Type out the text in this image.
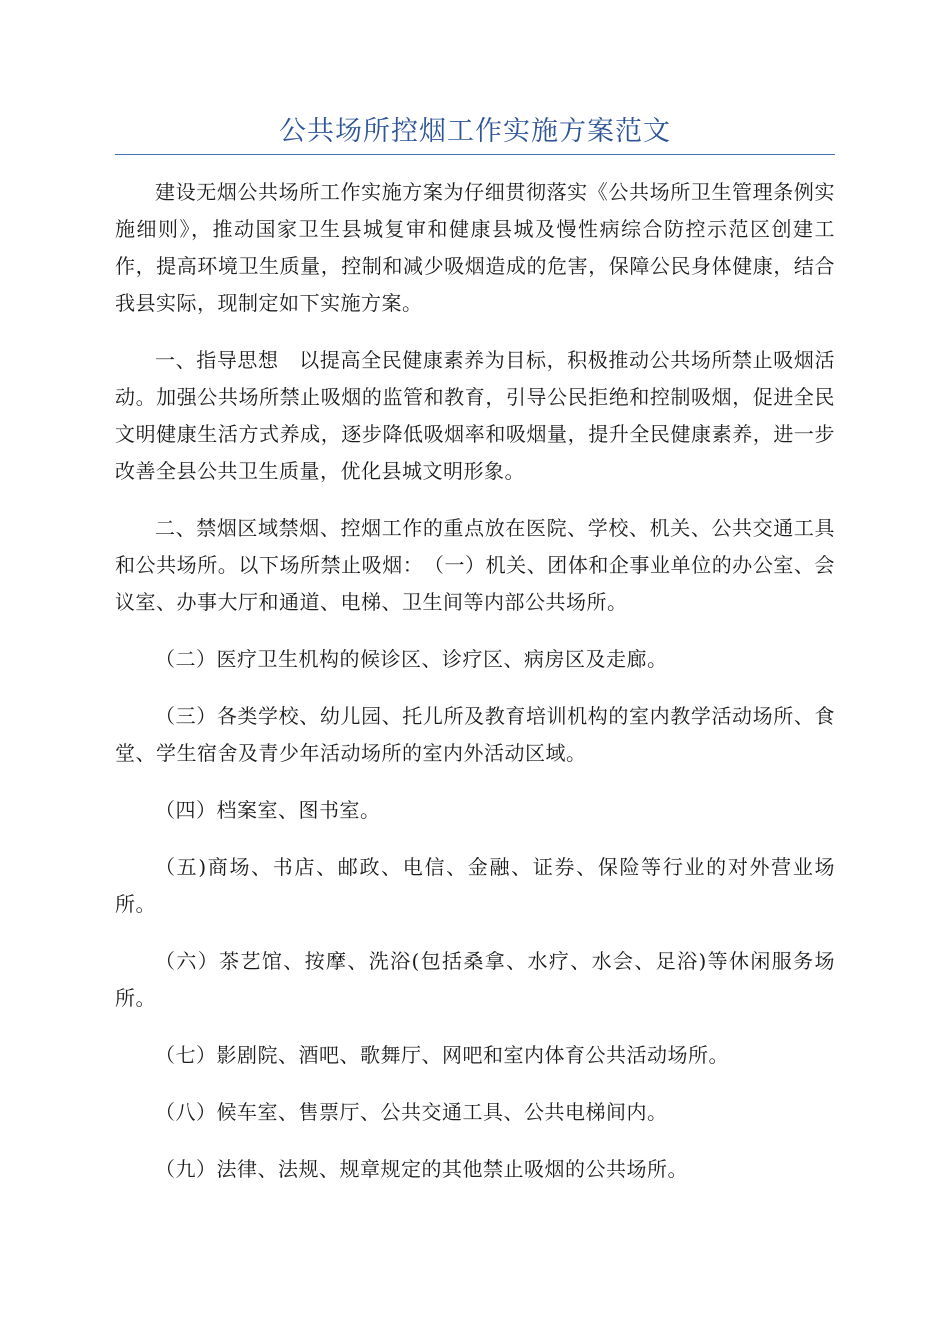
公共场所控烟工作实施方案范文

建设无烟公共场所工作实施方案为仔细贯彻落实《公共场所卫生管理条例实施细则》，推动国家卫生县城复审和健康县城及慢性病综合防控示范区创建工作，提高环境卫生质量，控制和减少吸烟造成的危害，保障公民身体健康，结合我县实际，现制定如下实施方案。

一、指导思想　以提高全民健康素养为目标，积极推动公共场所禁止吸烟活动。加强公共场所禁止吸烟的监管和教育，引导公民拒绝和控制吸烟，促进全民文明健康生活方式养成，逐步降低吸烟率和吸烟量，提升全民健康素养，进一步改善全县公共卫生质量，优化县城文明形象。

二、禁烟区域禁烟、控烟工作的重点放在医院、学校、机关、公共交通工具和公共场所。以下场所禁止吸烟：　（一）机关、团体和企事业单位的办公室、会议室、办事大厅和通道、电梯、卫生间等内部公共场所。

（二）医疗卫生机构的候诊区、诊疗区、病房区及走廊。

（三）各类学校、幼儿园、托儿所及教育培训机构的室内教学活动场所、食堂、学生宿舍及青少年活动场所的室内外活动区域。

（四）档案室、图书室。

（五)商场、书店、邮政、电信、金融、证券、保险等行业的对外营业场所。

（六）茶艺馆、按摩、洗浴(包括桑拿、水疗、水会、足浴)等休闲服务场所。

（七）影剧院、酒吧、歌舞厅、网吧和室内体育公共活动场所。

（八）候车室、售票厅、公共交通工具、公共电梯间内。

（九）法律、法规、规章规定的其他禁止吸烟的公共场所。
